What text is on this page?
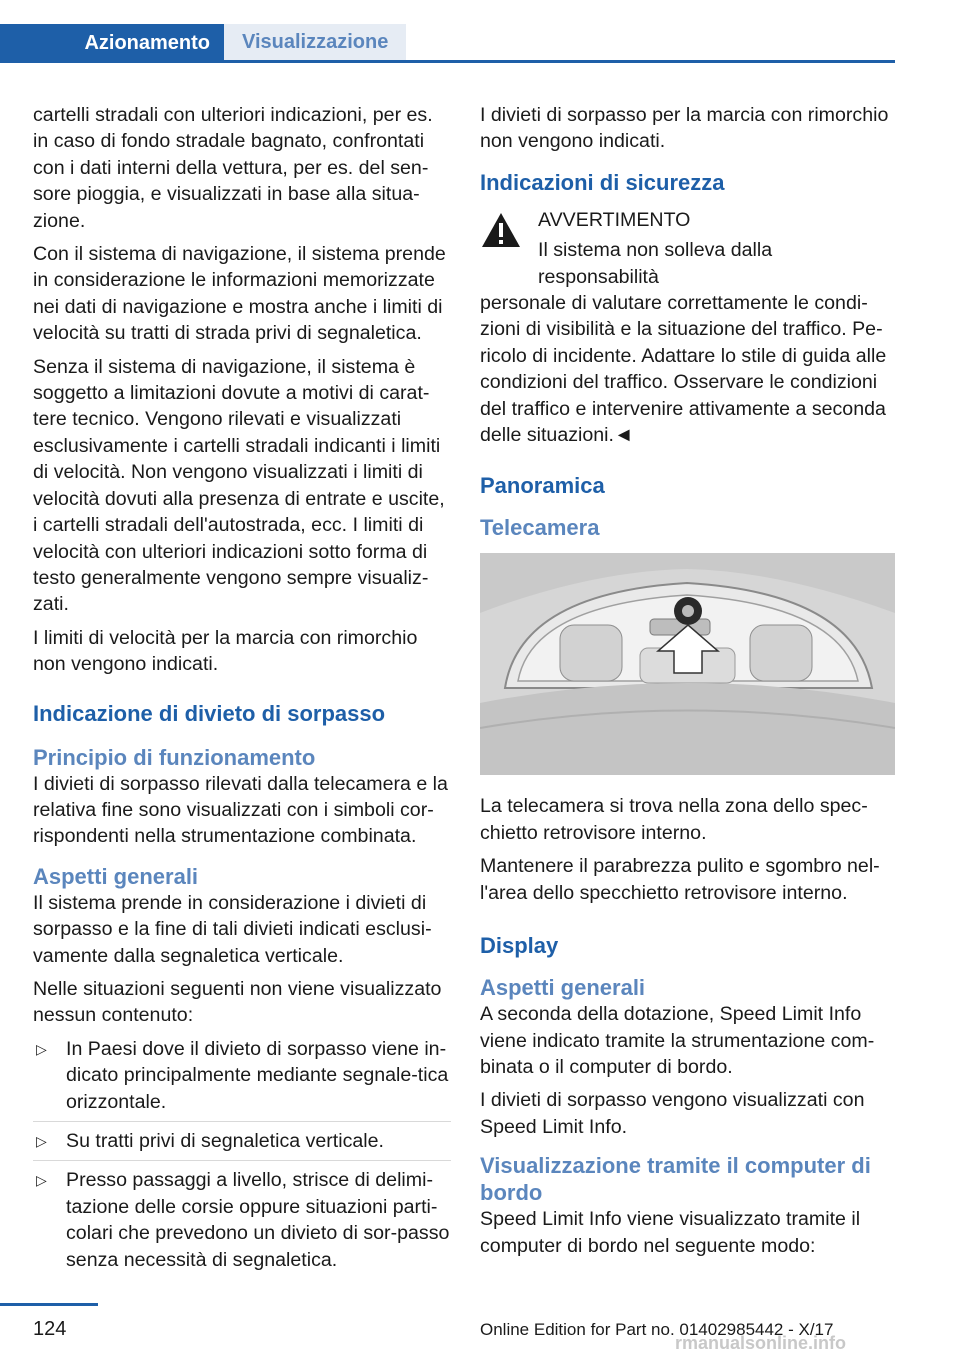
Azionamento	Visualizzazione

cartelli stradali con ulteriori indicazioni, per es. in caso di fondo stradale bagnato, confrontati con i dati interni della vettura, per es. del sen-sore pioggia, e visualizzati in base alla situa-zione.

Con il sistema di navigazione, il sistema prende in considerazione le informazioni memorizzate nei dati di navigazione e mostra anche i limiti di velocità su tratti di strada privi di segnaletica.

Senza il sistema di navigazione, il sistema è soggetto a limitazioni dovute a motivi di carat-tere tecnico. Vengono rilevati e visualizzati esclusivamente i cartelli stradali indicanti i limiti di velocità. Non vengono visualizzati i limiti di velocità dovuti alla presenza di entrate e uscite, i cartelli stradali dell'autostrada, ecc. I limiti di velocità con ulteriori indicazioni sotto forma di testo generalmente vengono sempre visualiz-zati.

I limiti di velocità per la marcia con rimorchio non vengono indicati.

Indicazione di divieto di sorpasso
Principio di funzionamento

I divieti di sorpasso rilevati dalla telecamera e la relativa fine sono visualizzati con i simboli cor-rispondenti nella strumentazione combinata.

Aspetti generali

Il sistema prende in considerazione i divieti di sorpasso e la fine di tali divieti indicati esclusi-vamente dalla segnaletica verticale.

Nelle situazioni seguenti non viene visualizzato nessun contenuto:

▷ In Paesi dove il divieto di sorpasso viene in-dicato principalmente mediante segnale-tica orizzontale.
▷ Su tratti privi di segnaletica verticale.
▷ Presso passaggi a livello, strisce di delimi-tazione delle corsie oppure situazioni parti-colari che prevedono un divieto di sor-passo senza necessità di segnaletica.

I divieti di sorpasso per la marcia con rimorchio non vengono indicati.

Indicazioni di sicurezza

AVVERTIMENTO

Il sistema non solleva dalla responsabilità

personale di valutare correttamente le condi-zioni di visibilità e la situazione del traffico. Pe-ricolo di incidente. Adattare lo stile di guida alle condizioni del traffico. Osservare le condizioni del traffico e intervenire attivamente a seconda delle situazioni.◄

Panoramica
Telecamera

La telecamera si trova nella zona dello spec-chietto retrovisore interno.

Mantenere il parabrezza pulito e sgombro nel-l'area dello specchietto retrovisore interno.

Display
Aspetti generali

A seconda della dotazione, Speed Limit Info viene indicato tramite la strumentazione com-binata o il computer di bordo.

I divieti di sorpasso vengono visualizzati con Speed Limit Info.

Visualizzazione tramite il computer di bordo

Speed Limit Info viene visualizzato tramite il computer di bordo nel seguente modo:

124	Online Edition for Part no. 01402985442 - X/17
rmanualsonline.info
